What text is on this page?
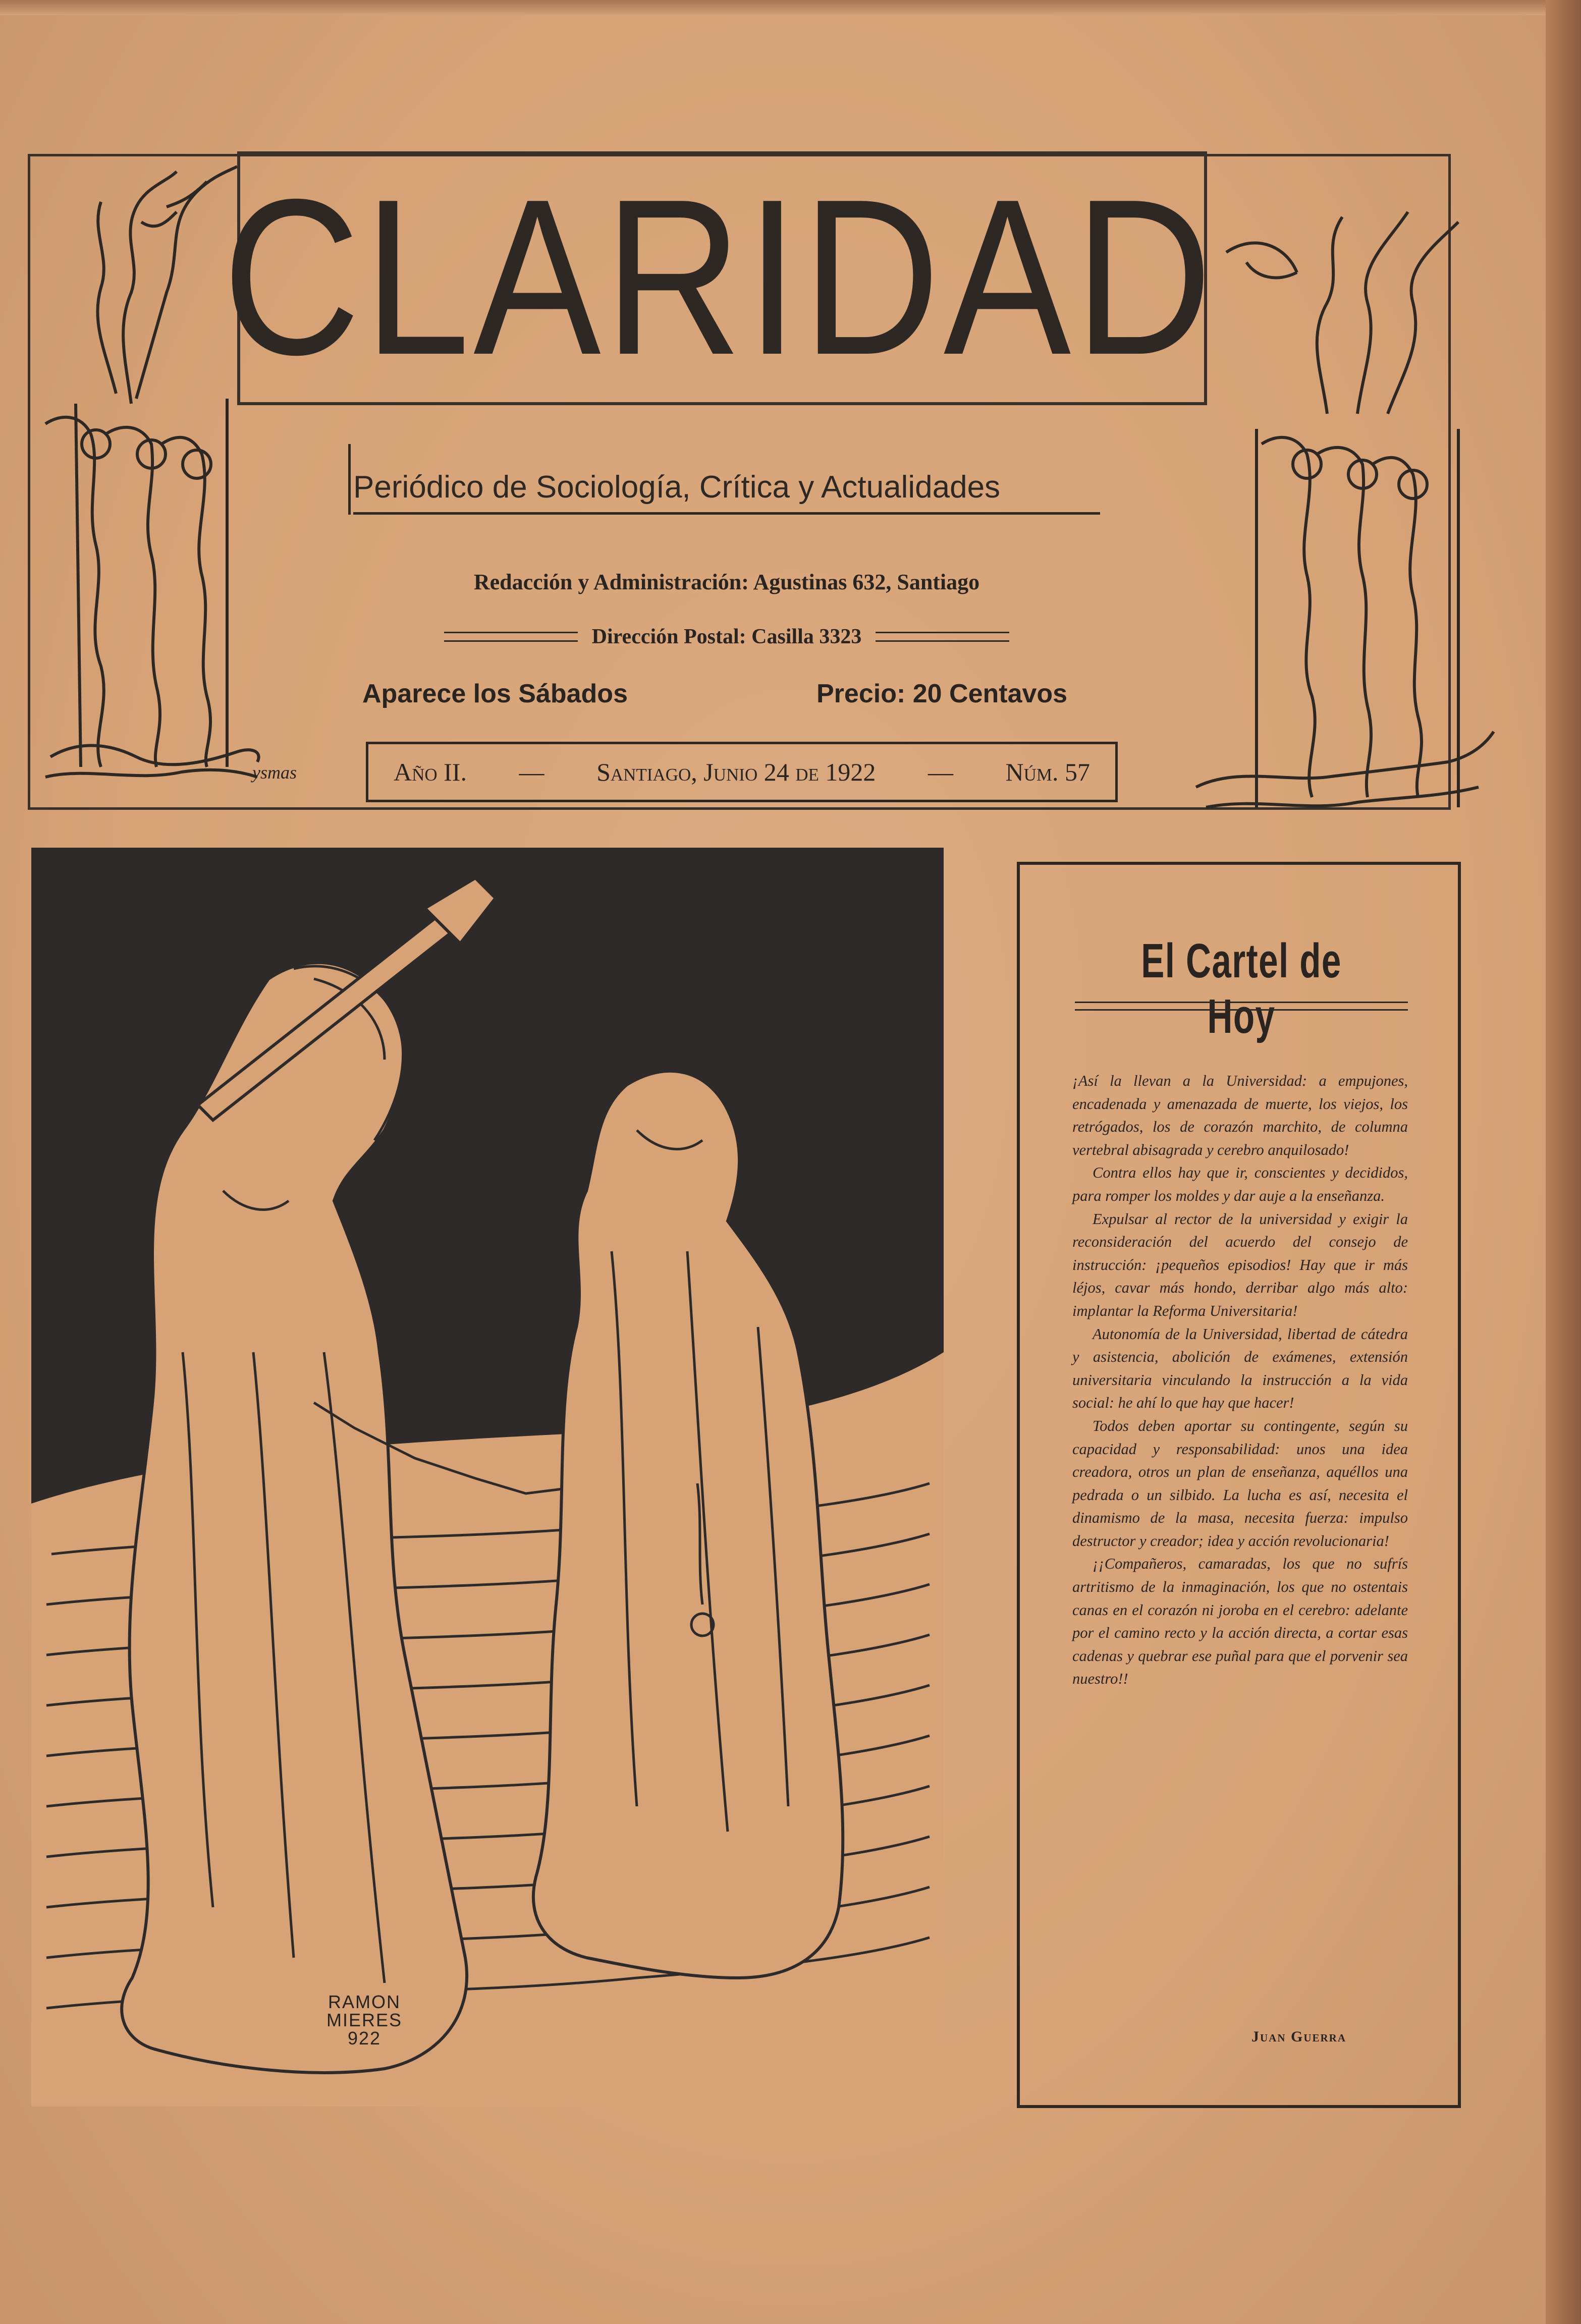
CLARIDAD
Periódico de Sociología, Crítica y Actualidades
Redacción y Administración: Agustinas 632, Santiago
Dirección Postal: Casilla 3323
Aparece los Sábados	Precio: 20 Centavos
ysmas	Año II. — Santiago, Junio 24 de 1922 — Núm. 57
RAMON
MIERES
922
El Cartel de Hoy

¡Así la llevan a la Universidad: a empujones, encadenada y amenazada de muerte, los viejos, los retrógados, los de corazón marchito, de columna vertebral abisagrada y cerebro anquilosado!

Contra ellos hay que ir, conscientes y decididos, para romper los moldes y dar auje a la enseñanza.

Expulsar al rector de la universidad y exigir la reconsideración del acuerdo del consejo de instrucción: ¡pequeños episodios! Hay que ir más léjos, cavar más hondo, derribar algo más alto: implantar la Reforma Universitaria!

Autonomía de la Universidad, libertad de cátedra y asistencia, abolición de exámenes, extensión universitaria vinculando la instrucción a la vida social: he ahí lo que hay que hacer!

Todos deben aportar su contingente, según su capacidad y responsabilidad: unos una idea creadora, otros un plan de enseñanza, aquéllos una pedrada o un silbido. La lucha es así, necesita el dinamismo de la masa, necesita fuerza: impulso destructor y creador; idea y acción revolucionaria!

¡¡Compañeros, camaradas, los que no sufrís artritismo de la inmaginación, los que no ostentais canas en el corazón ni joroba en el cerebro: adelante por el camino recto y la acción directa, a cortar esas cadenas y quebrar ese puñal para que el porvenir sea nuestro!!

Juan Guerra
